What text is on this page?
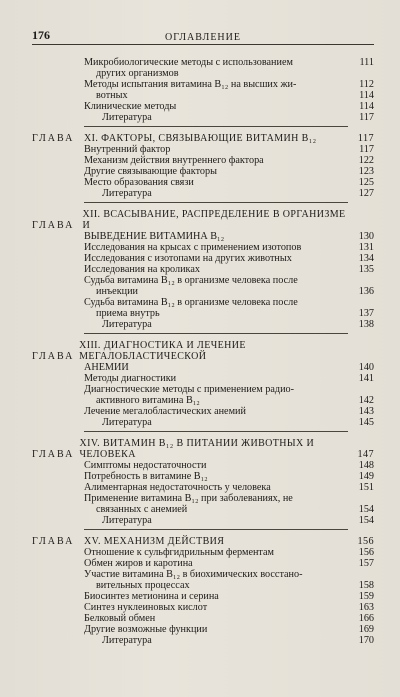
176	ОГЛАВЛЕНИЕ
Микробиологические методы с использованием	111
других организмов
Методы испытания витамина B₁₂ на высших жи-	112
вотных	114
Клинические методы	114
Литература	117
ГЛАВА XI. ФАКТОРЫ, СВЯЗЫВАЮЩИЕ ВИТАМИН B₁₂	117
Внутренний фактор	117
Механизм действия внутреннего фактора	122
Другие связывающие факторы	123
Место образования связи	125
Литература	127
ГЛАВА
XII. ВСАСЫВАНИЕ, РАСПРЕДЕЛЕНИЕ В ОРГАНИЗМЕ И
ВЫВЕДЕНИЕ ВИТАМИНА B₁₂	130
Исследования на крысах с применением изотопов	131
Исследования с изотопами на других животных	134
Исследования на кроликах	135
Судьба витамина B₁₂ в организме человека после
инъекции	136
Судьба витамина B₁₂ в организме человека после
приема внутрь	137
Литература	138
ГЛАВА
XIII. ДИАГНОСТИКА И ЛЕЧЕНИЕ МЕГАЛОБЛАСТИЧЕСКОЙ
АНЕМИИ	140
Методы диагностики	141
Диагностические методы с применением радио-
активного витамина B₁₂	142
Лечение мегалобластических анемий	143
Литература	145
ГЛАВА
XIV. ВИТАМИН B₁₂ В ПИТАНИИ ЖИВОТНЫХ И ЧЕЛОВЕКА	147
Симптомы недостаточности	148
Потребность в витамине B₁₂	149
Алиментарная недостаточность у человека	151
Применение витамина B₁₂ при заболеваниях, не
связанных с анемией	154
Литература	154
ГЛАВА XV. МЕХАНИЗМ ДЕЙСТВИЯ	156
Отношение к сульфгидрильным ферментам	156
Обмен жиров и каротина	157
Участие витамина B₁₂ в биохимических восстано-
вительных процессах	158
Биосинтез метионина и серина	159
Синтез нуклеиновых кислот	163
Белковый обмен	166
Другие возможные функции	169
Литература	170
